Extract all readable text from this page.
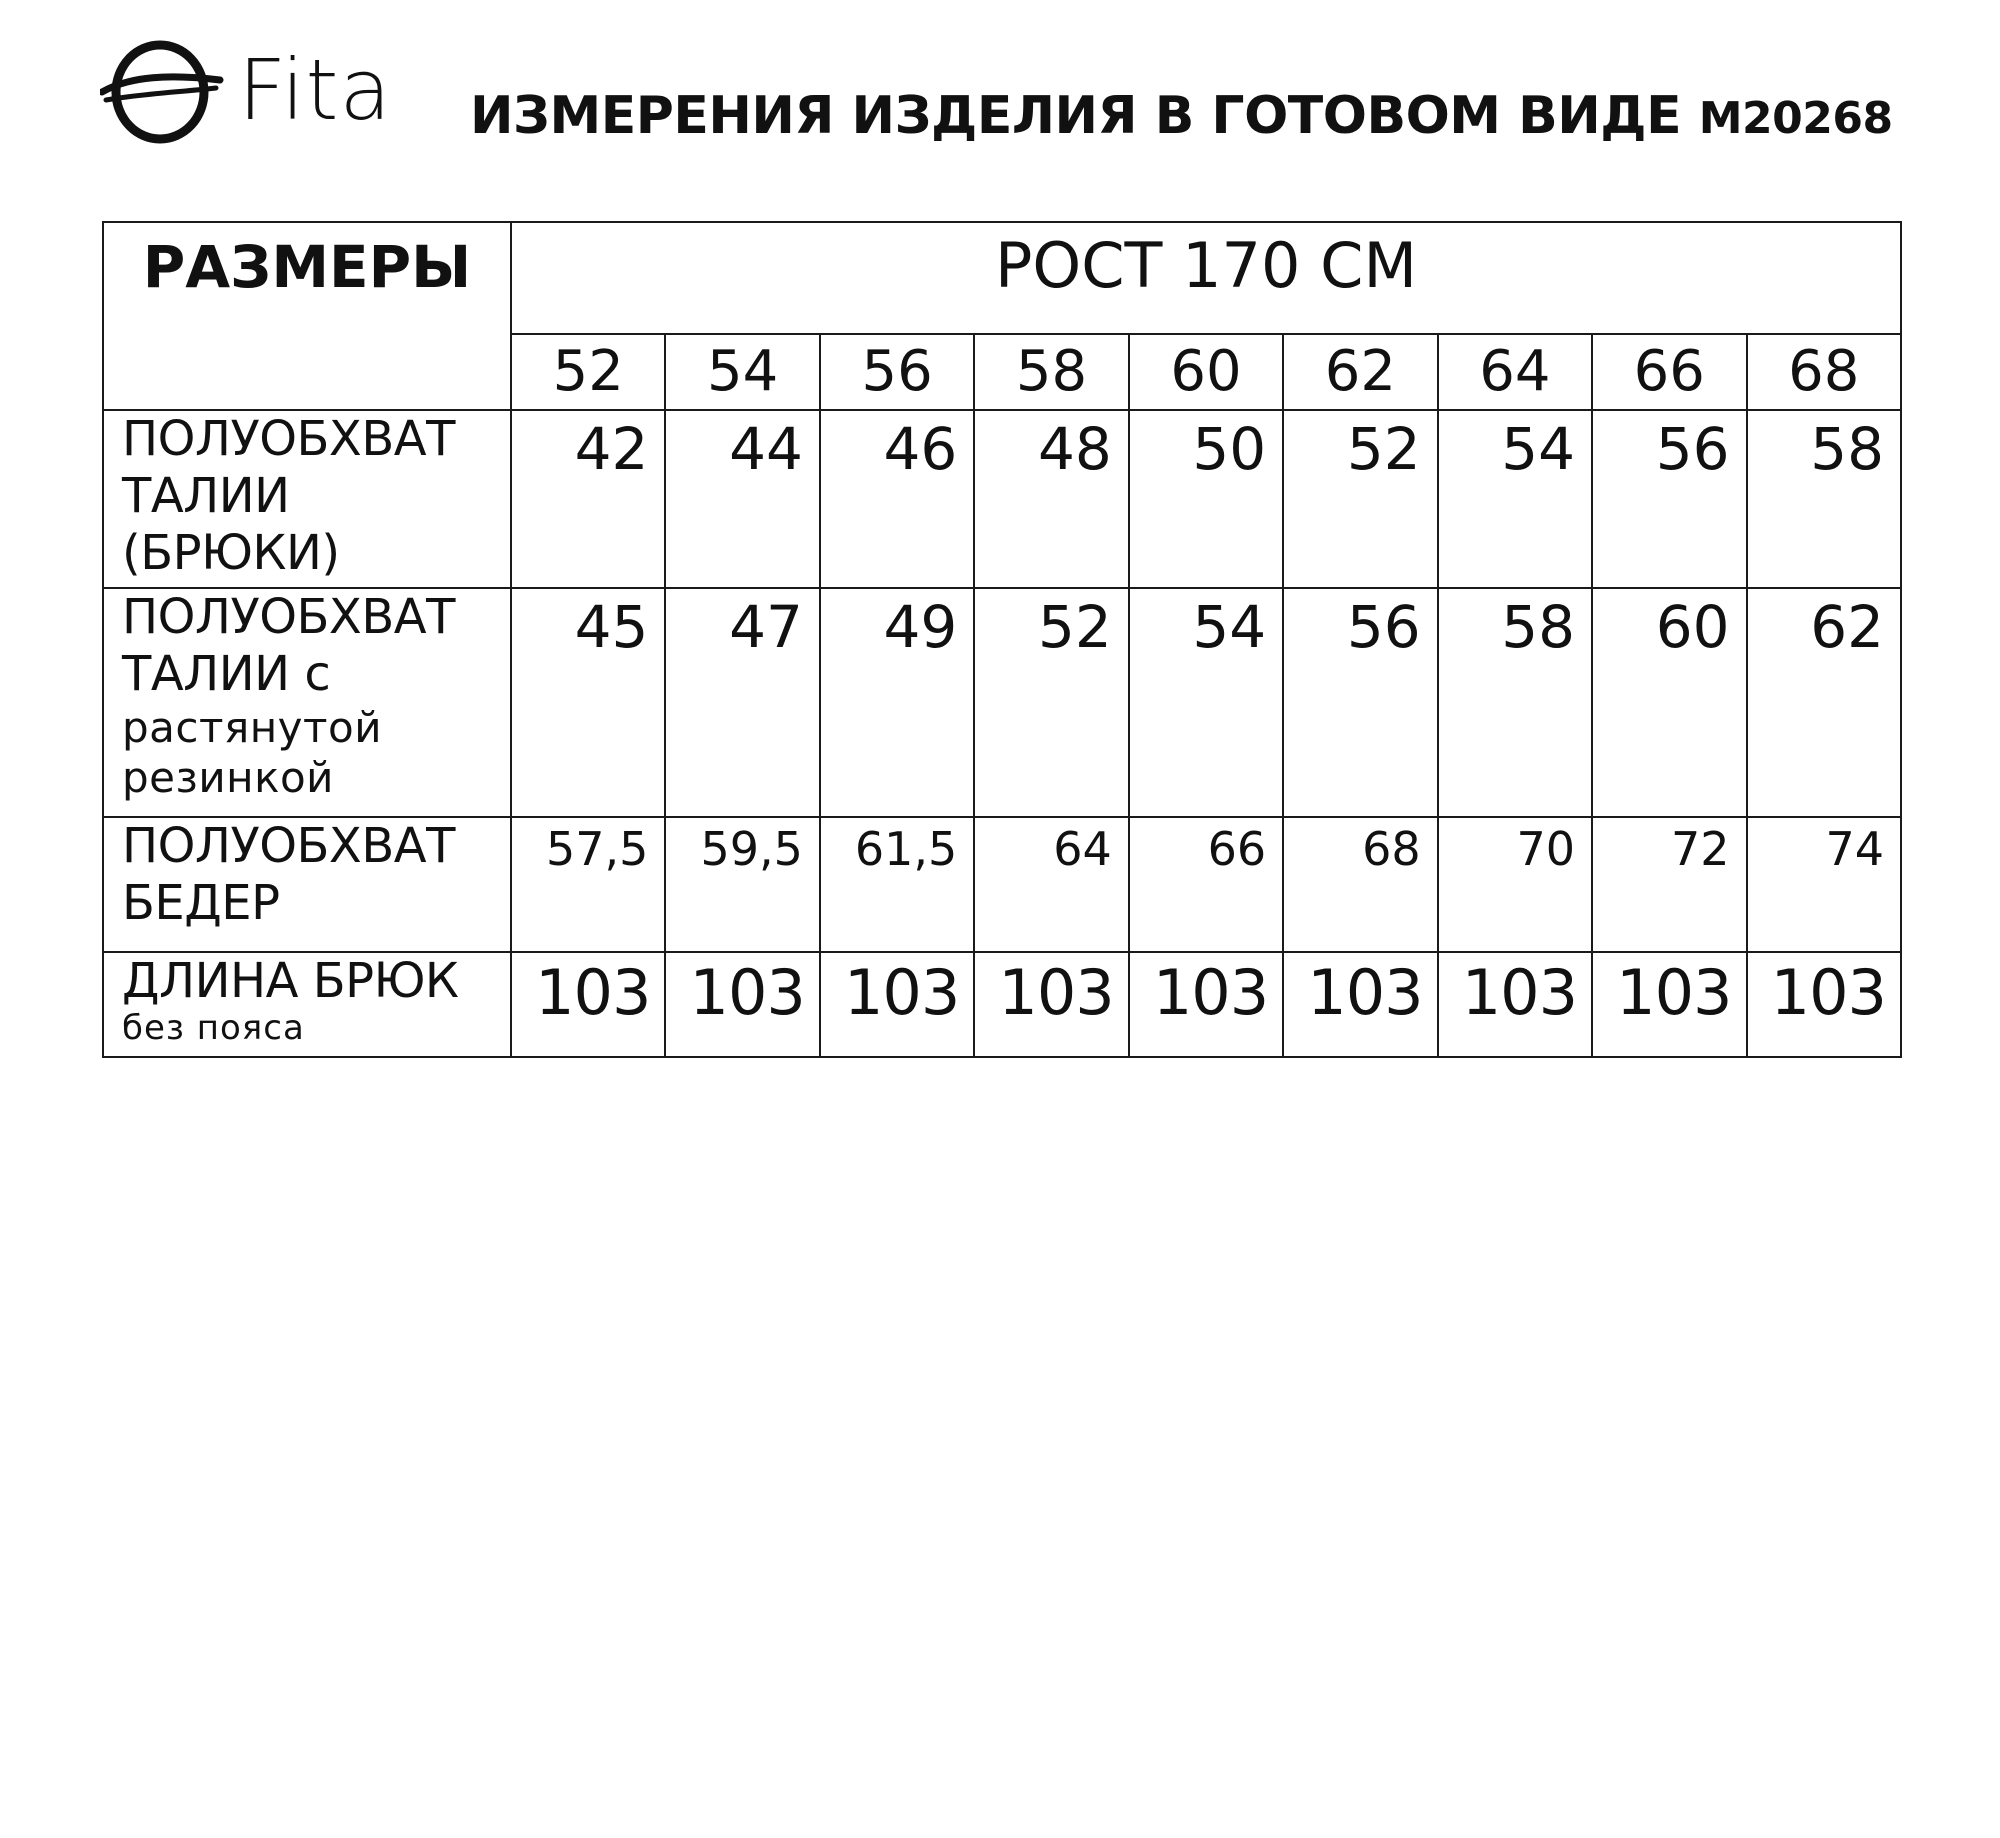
Fita ИЗМЕРЕНИЯ ИЗДЕЛИЯ В ГОТОВОМ ВИДЕ M20268
РАЗМЕРЫ	РОСТ 170 СМ								
	52	54	56	58	60	62	64	66	68

ПОЛУОБХВАТ
ТАЛИИ
(БРЮКИ)	42	44	46	48	50	52	54	56	58

ПОЛУОБХВАТ
ТАЛИИ с
растянутой
резинкой	45	47	49	52	54	56	58	60	62

ПОЛУОБХВАТ
БЕДЕР	57,5	59,5	61,5	64	66	68	70	72	74

ДЛИНА БРЮК
без пояса	103	103	103	103	103	103	103	103	103
